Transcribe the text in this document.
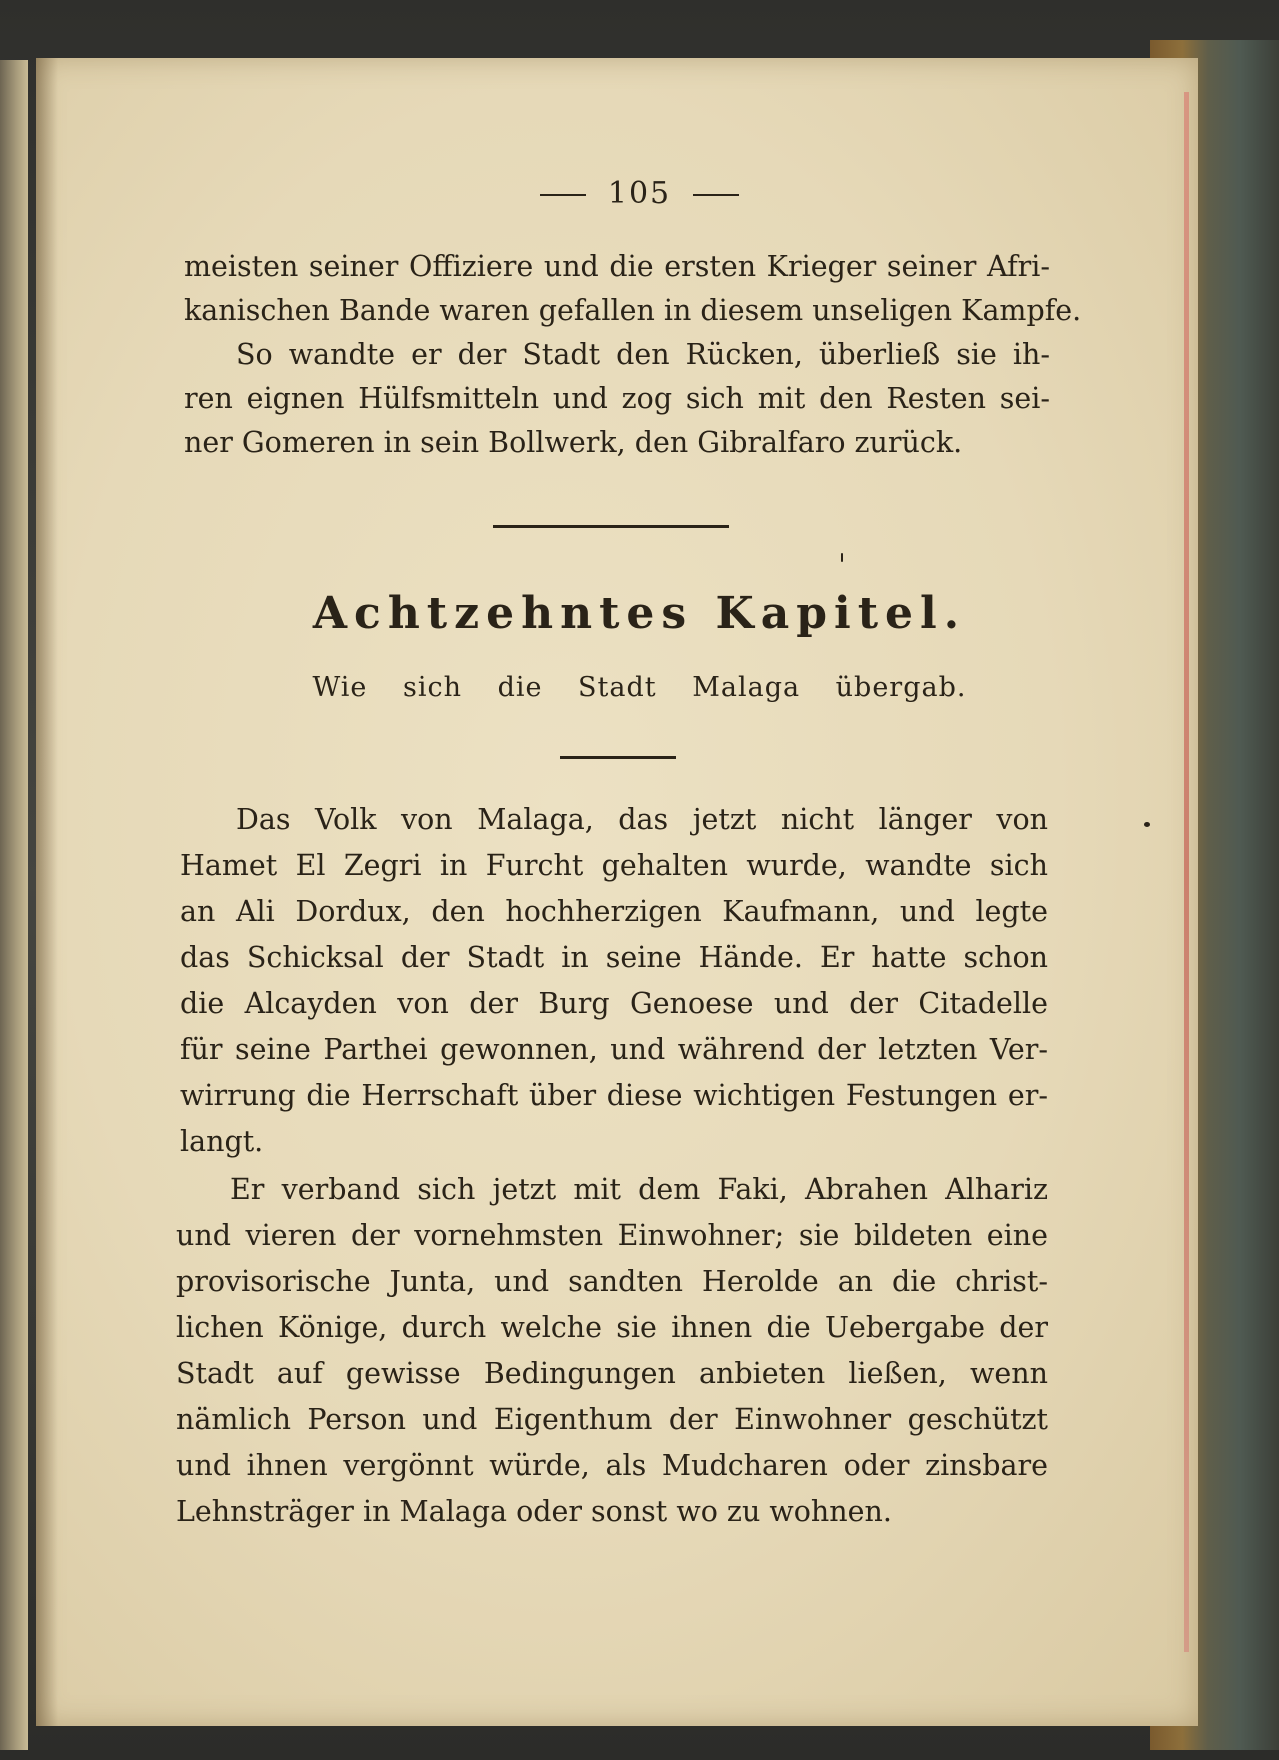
105
meisten seiner Offiziere und die ersten Krieger seiner Afri-
kanischen Bande waren gefallen in diesem unseligen Kampfe.
So wandte er der Stadt den Rücken, überließ sie ih-
ren eignen Hülfsmitteln und zog sich mit den Resten sei-
ner Gomeren in sein Bollwerk, den Gibralfaro zurück.
Achtzehntes Kapitel.
Wie sich die Stadt Malaga übergab.
Das Volk von Malaga, das jetzt nicht länger von
Hamet El Zegri in Furcht gehalten wurde, wandte sich
an Ali Dordux, den hochherzigen Kaufmann, und legte
das Schicksal der Stadt in seine Hände. Er hatte schon
die Alcayden von der Burg Genoese und der Citadelle
für seine Parthei gewonnen, und während der letzten Ver-
wirrung die Herrschaft über diese wichtigen Festungen er-
langt.
Er verband sich jetzt mit dem Faki, Abrahen Alhariz
und vieren der vornehmsten Einwohner; sie bildeten eine
provisorische Junta, und sandten Herolde an die christ-
lichen Könige, durch welche sie ihnen die Uebergabe der
Stadt auf gewisse Bedingungen anbieten ließen, wenn
nämlich Person und Eigenthum der Einwohner geschützt
und ihnen vergönnt würde, als Mudcharen oder zinsbare
Lehnsträger in Malaga oder sonst wo zu wohnen.
